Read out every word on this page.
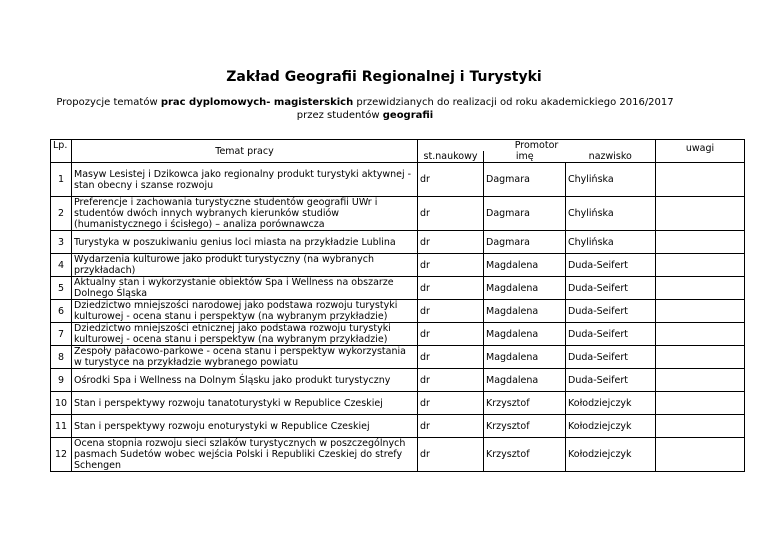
Zakład Geografii Regionalnej i Turystyki
Propozycje tematów prac dyplomowych- magisterskich przewidzianych do realizacji od roku akademickiego 2016/2017
przez studentów geografii
Lp.	Temat pracy	Promotor			uwagi
		st.naukowy	imę	nazwisko	
1	Masyw Lesistej i Dzikowca jako regionalny produkt turystyki aktywnej - stan obecny i szanse rozwoju	dr	Dagmara	Chylińska	
2	Preferencje i zachowania turystyczne studentów geografii UWr i studentów dwóch innych wybranych kierunków studiów (humanistycznego i ścisłego) – analiza porównawcza	dr	Dagmara	Chylińska	
3	Turystyka w poszukiwaniu genius loci miasta na przykładzie Lublina	dr	Dagmara	Chylińska	
4	Wydarzenia kulturowe jako produkt turystyczny (na wybranych przykładach)	dr	Magdalena	Duda-Seifert	
5	Aktualny stan i wykorzystanie obiektów Spa i Wellness na obszarze Dolnego Śląska	dr	Magdalena	Duda-Seifert	
6	Dziedzictwo mniejszości narodowej jako podstawa rozwoju turystyki kulturowej - ocena stanu i perspektyw (na wybranym przykładzie)	dr	Magdalena	Duda-Seifert	
7	Dziedzictwo mniejszości etnicznej jako podstawa rozwoju turystyki kulturowej - ocena stanu i perspektyw (na wybranym przykładzie)	dr	Magdalena	Duda-Seifert	
8	Zespoły pałacowo-parkowe - ocena stanu i perspektyw wykorzystania w turystyce na przykładzie wybranego powiatu	dr	Magdalena	Duda-Seifert	
9	Ośrodki Spa i Wellness na Dolnym Śląsku jako produkt turystyczny	dr	Magdalena	Duda-Seifert	
10	Stan i perspektywy rozwoju tanatoturystyki w Republice Czeskiej	dr	Krzysztof	Kołodziejczyk	
11	Stan i perspektywy rozwoju enoturystyki w Republice Czeskiej	dr	Krzysztof	Kołodziejczyk	
12	Ocena stopnia rozwoju sieci szlaków turystycznych w poszczególnych pasmach Sudetów wobec wejścia Polski i Republiki Czeskiej do strefy Schengen	dr	Krzysztof	Kołodziejczyk	
